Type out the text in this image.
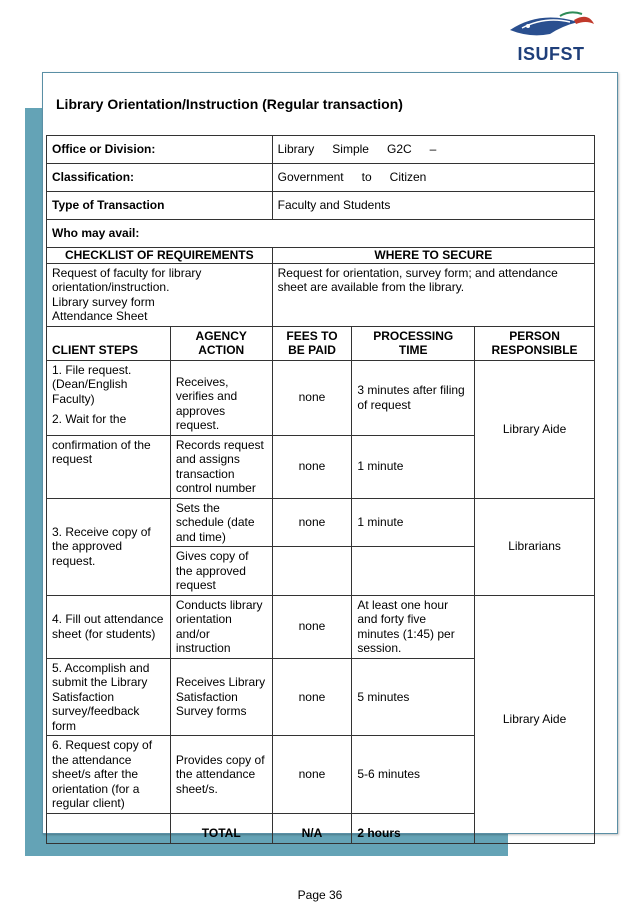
ISUFST
Library Orientation/Instruction (Regular transaction)
Office or Division:		Library Simple G2C –		
Classification:		Government to Citizen		
Type of Transaction		Faculty and Students		
Who may avail:				
CHECKLIST OF REQUIREMENTS		WHERE TO SECURE		

Request of faculty for library orientation/instruction.
Library survey form
Attendance Sheet		Request for orientation, survey form; and attendance sheet are available from the library.		
CLIENT STEPS	AGENCY ACTION	FEES TO BE PAID	PROCESSING TIME	PERSON RESPONSIBLE

1. File request. (Dean/English Faculty)
2. Wait for the	Receives, verifies and approves request.	none	3 minutes after filing of request	Library Aide
confirmation of the request	Records request and assigns transaction control number	none	1 minute	
3. Receive copy of the approved request.	Sets the schedule (date and time)	none	1 minute	Librarians
	Gives copy of the approved request			
4. Fill out attendance sheet (for students)	Conducts library orientation and/or instruction	none	At least one hour and forty five minutes (1:45) per session.	Library Aide
5. Accomplish and submit the Library Satisfaction survey/feedback form	Receives Library Satisfaction Survey forms	none	5 minutes	
6. Request copy of the attendance sheet/s after the orientation (for a regular client)	Provides copy of the attendance sheet/s.	none	5-6 minutes	
	TOTAL	N/A	2 hours	
Page 36
